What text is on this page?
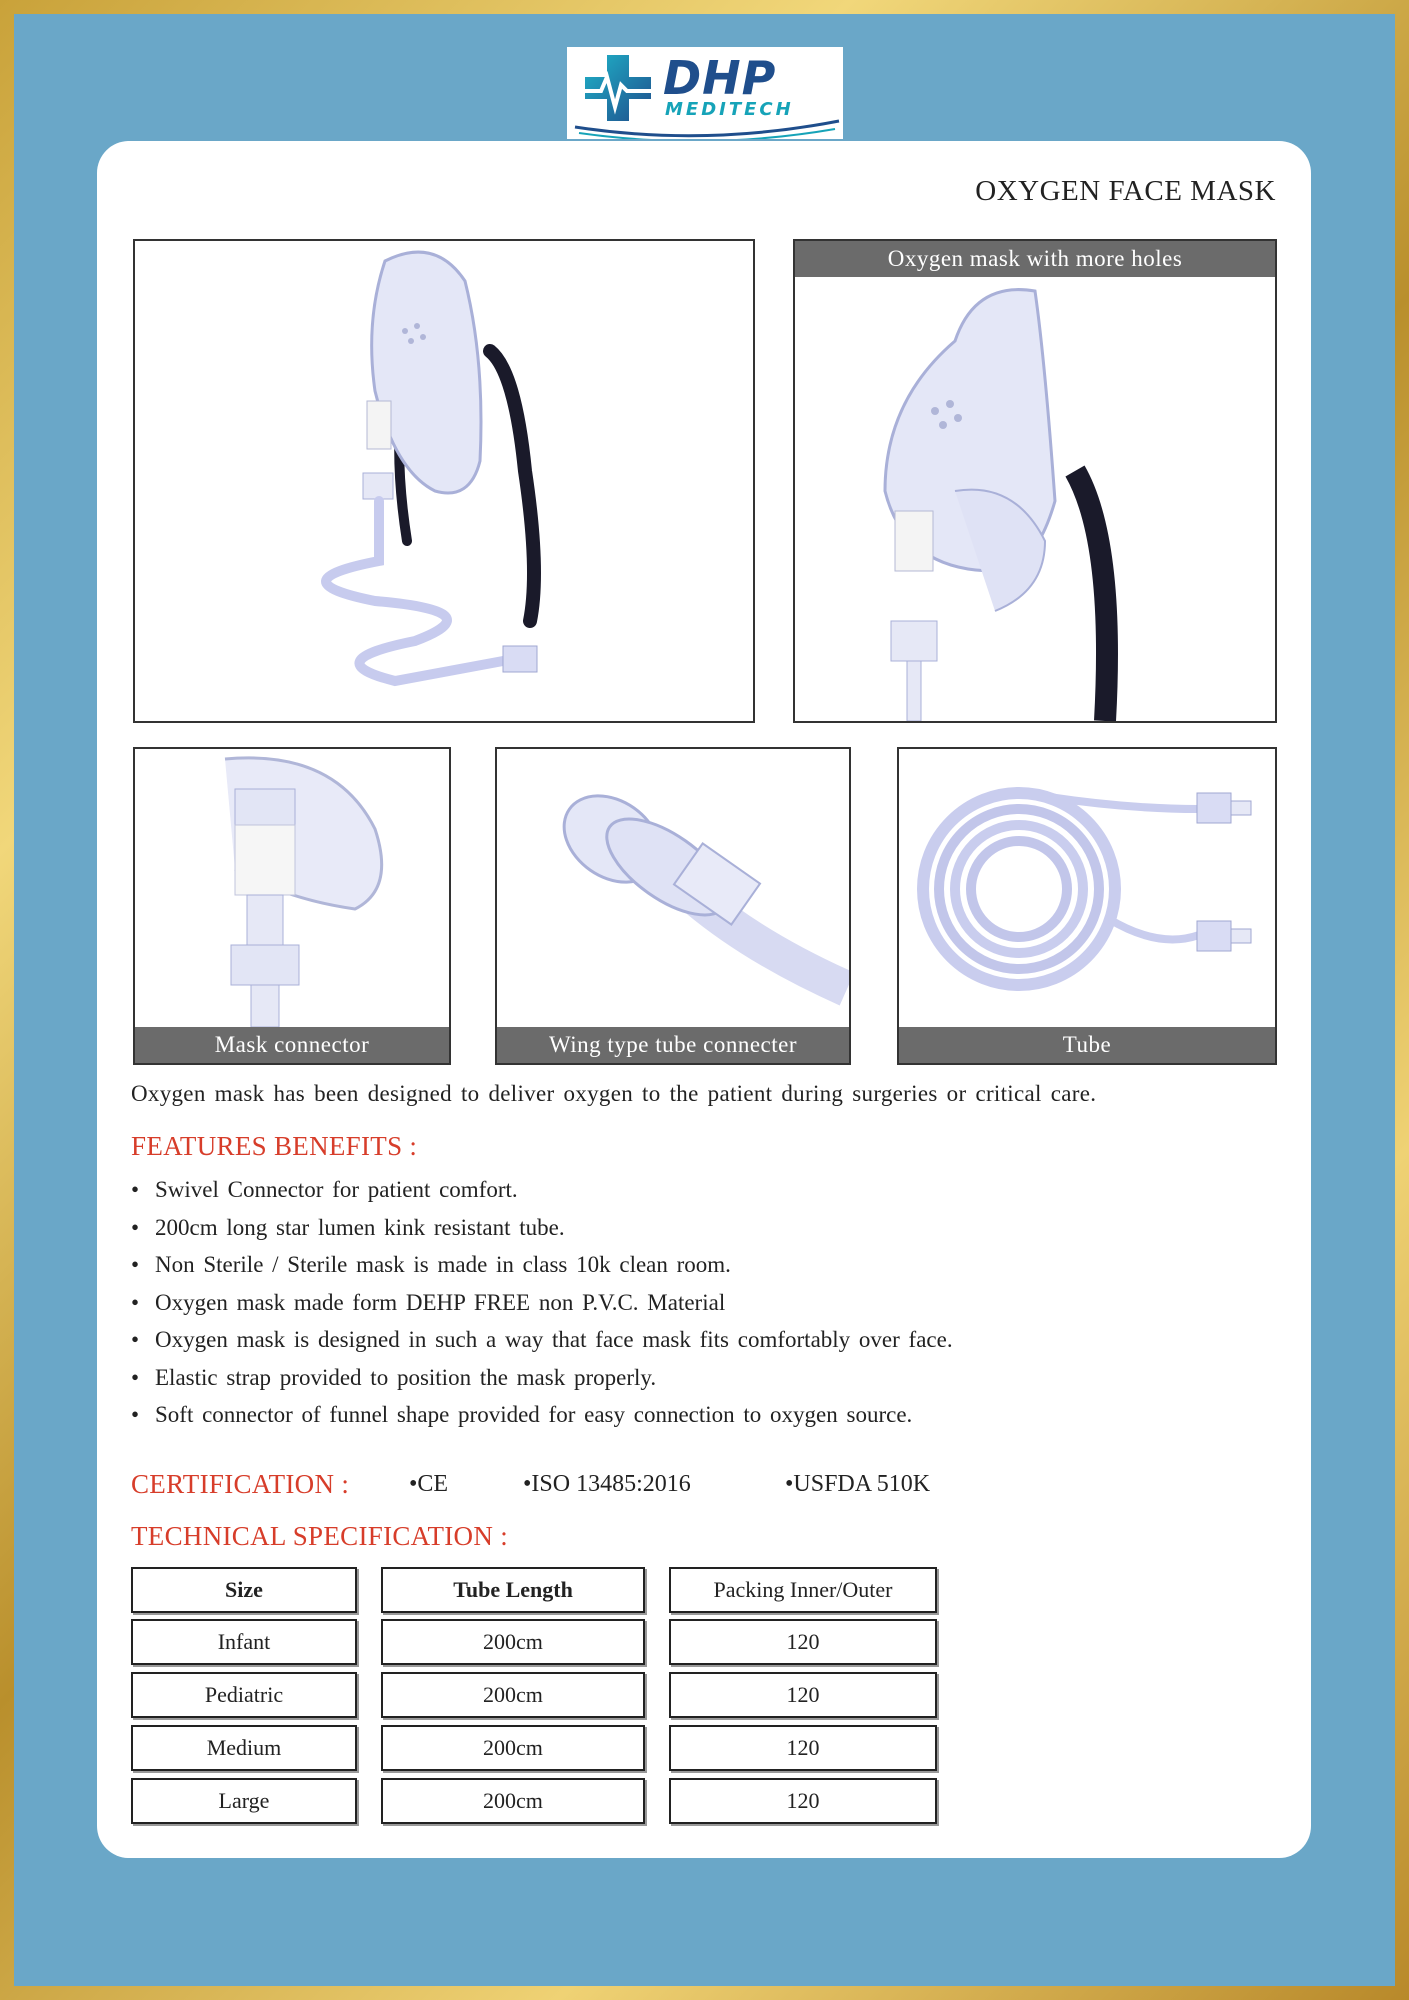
DHP
MEDITECH
OXYGEN FACE MASK
Oxygen mask with more holes
Mask connector	Wing type tube connecter	Tube
Oxygen mask has been designed to deliver oxygen to the patient during surgeries or critical care.
FEATURES BENEFITS :
• Swivel Connector for patient comfort.
• 200cm long star lumen kink resistant tube.
• Non Sterile / Sterile mask is made in class 10k clean room.
• Oxygen mask made form DEHP FREE non P.V.C. Material
• Oxygen mask is designed in such a way that face mask fits comfortably over face.
• Elastic strap provided to position the mask properly.
• Soft connector of funnel shape provided for easy connection to oxygen source.
CERTIFICATION : •CE	•ISO 13485:2016	•USFDA 510K
TECHNICAL SPECIFICATION :
Size	Tube Length	Packing Inner/Outer
Infant	200cm	120
Pediatric	200cm	120
Medium	200cm	120
Large	200cm	120
